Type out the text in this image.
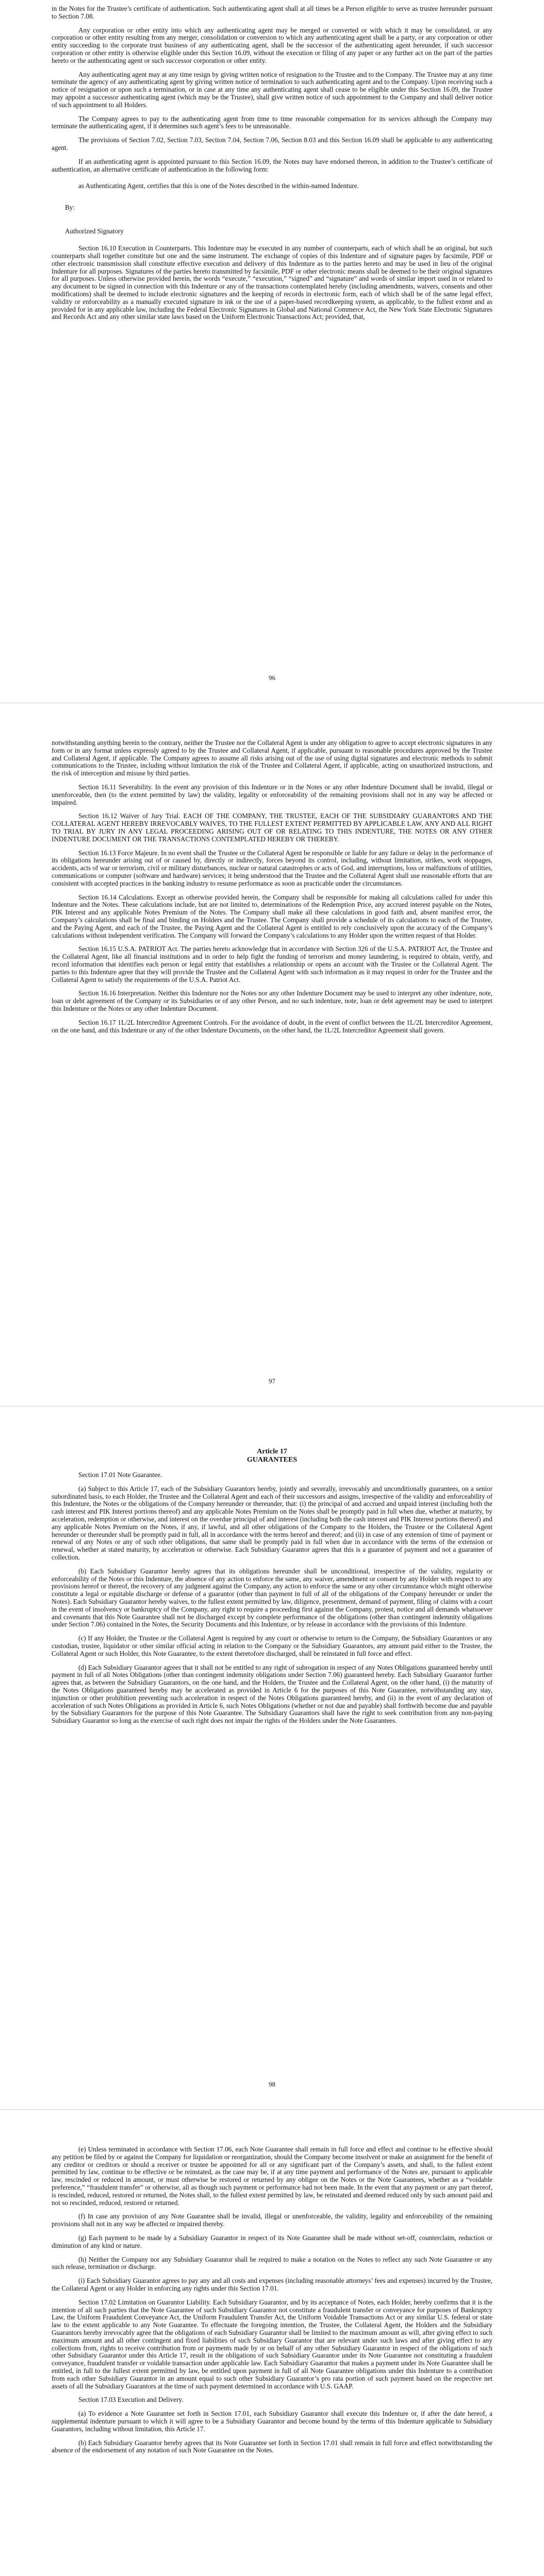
in the Notes for the Trustee’s certificate of authentication. Such authenticating agent shall at all times be a Person eligible to serve as trustee hereunder pursuant to Section 7.08.

Any corporation or other entity into which any authenticating agent may be merged or converted or with which it may be consolidated, or any corporation or other entity resulting from any merger, consolidation or conversion to which any authenticating agent shall be a party, or any corporation or other entity succeeding to the corporate trust business of any authenticating agent, shall be the successor of the authenticating agent hereunder, if such successor corporation or other entity is otherwise eligible under this Section 16.09, without the execution or filing of any paper or any further act on the part of the parties hereto or the authenticating agent or such successor corporation or other entity.

Any authenticating agent may at any time resign by giving written notice of resignation to the Trustee and to the Company. The Trustee may at any time terminate the agency of any authenticating agent by giving written notice of termination to such authenticating agent and to the Company. Upon receiving such a notice of resignation or upon such a termination, or in case at any time any authenticating agent shall cease to be eligible under this Section 16.09, the Trustee may appoint a successor authenticating agent (which may be the Trustee), shall give written notice of such appointment to the Company and shall deliver notice of such appointment to all Holders.

The Company agrees to pay to the authenticating agent from time to time reasonable compensation for its services although the Company may terminate the authenticating agent, if it determines such agent’s fees to be unreasonable.

The provisions of Section 7.02, Section 7.03, Section 7.04, Section 7.06, Section 8.03 and this Section 16.09 shall be applicable to any authenticating agent.

If an authenticating agent is appointed pursuant to this Section 16.09, the Notes may have endorsed thereon, in addition to the Trustee’s certificate of authentication, an alternative certificate of authentication in the following form:

as Authenticating Agent, certifies that this is one of the Notes described in the within-named Indenture.

By:

Authorized Signatory

Section 16.10 Execution in Counterparts. This Indenture may be executed in any number of counterparts, each of which shall be an original, but such counterparts shall together constitute but one and the same instrument. The exchange of copies of this Indenture and of signature pages by facsimile, PDF or other electronic transmission shall constitute effective execution and delivery of this Indenture as to the parties hereto and may be used in lieu of the original Indenture for all purposes. Signatures of the parties hereto transmitted by facsimile, PDF or other electronic means shall be deemed to be their original signatures for all purposes. Unless otherwise provided herein, the words “execute,” “execution,” “signed” and “signature” and words of similar import used in or related to any document to be signed in connection with this Indenture or any of the transactions contemplated hereby (including amendments, waivers, consents and other modifications) shall be deemed to include electronic signatures and the keeping of records in electronic form, each of which shall be of the same legal effect, validity or enforceability as a manually executed signature in ink or the use of a paper-based recordkeeping system, as applicable, to the fullest extent and as provided for in any applicable law, including the Federal Electronic Signatures in Global and National Commerce Act, the New York State Electronic Signatures and Records Act and any other similar state laws based on the Uniform Electronic Transactions Act; provided, that,

96

notwithstanding anything herein to the contrary, neither the Trustee nor the Collateral Agent is under any obligation to agree to accept electronic signatures in any form or in any format unless expressly agreed to by the Trustee and Collateral Agent, if applicable, pursuant to reasonable procedures approved by the Trustee and Collateral Agent, if applicable. The Company agrees to assume all risks arising out of the use of using digital signatures and electronic methods to submit communications to the Trustee, including without limitation the risk of the Trustee and Collateral Agent, if applicable, acting on unauthorized instructions, and the risk of interception and misuse by third parties.

Section 16.11 Severability. In the event any provision of this Indenture or in the Notes or any other Indenture Document shall be invalid, illegal or unenforceable, then (to the extent permitted by law) the validity, legality or enforceability of the remaining provisions shall not in any way be affected or impaired.

Section 16.12 Waiver of Jury Trial. EACH OF THE COMPANY, THE TRUSTEE, EACH OF THE SUBSIDIARY GUARANTORS AND THE COLLATERAL AGENT HEREBY IRREVOCABLY WAIVES, TO THE FULLEST EXTENT PERMITTED BY APPLICABLE LAW, ANY AND ALL RIGHT TO TRIAL BY JURY IN ANY LEGAL PROCEEDING ARISING OUT OF OR RELATING TO THIS INDENTURE, THE NOTES OR ANY OTHER INDENTURE DOCUMENT OR THE TRANSACTIONS CONTEMPLATED HEREBY OR THEREBY.

Section 16.13 Force Majeure. In no event shall the Trustee or the Collateral Agent be responsible or liable for any failure or delay in the performance of its obligations hereunder arising out of or caused by, directly or indirectly, forces beyond its control, including, without limitation, strikes, work stoppages, accidents, acts of war or terrorism, civil or military disturbances, nuclear or natural catastrophes or acts of God, and interruptions, loss or malfunctions of utilities, communications or computer (software and hardware) services; it being understood that the Trustee and the Collateral Agent shall use reasonable efforts that are consistent with accepted practices in the banking industry to resume performance as soon as practicable under the circumstances.

Section 16.14 Calculations. Except as otherwise provided herein, the Company shall be responsible for making all calculations called for under this Indenture and the Notes. These calculations include, but are not limited to, determinations of the Redemption Price, any accrued interest payable on the Notes, PIK Interest and any applicable Notes Premium of the Notes. The Company shall make all these calculations in good faith and, absent manifest error, the Company’s calculations shall be final and binding on Holders and the Trustee. The Company shall provide a schedule of its calculations to each of the Trustee, and the Paying Agent, and each of the Trustee, the Paying Agent and the Collateral Agent is entitled to rely conclusively upon the accuracy of the Company’s calculations without independent verification. The Company will forward the Company’s calculations to any Holder upon the written request of that Holder.

Section 16.15 U.S.A. PATRIOT Act. The parties hereto acknowledge that in accordance with Section 326 of the U.S.A. PATRIOT Act, the Trustee and the Collateral Agent, like all financial institutions and in order to help fight the funding of terrorism and money laundering, is required to obtain, verify, and record information that identifies each person or legal entity that establishes a relationship or opens an account with the Trustee or the Collateral Agent. The parties to this Indenture agree that they will provide the Trustee and the Collateral Agent with such information as it may request in order for the Trustee and the Collateral Agent to satisfy the requirements of the U.S.A. Patriot Act.

Section 16.16 Interpretation. Neither this Indenture nor the Notes nor any other Indenture Document may be used to interpret any other indenture, note, loan or debt agreement of the Company or its Subsidiaries or of any other Person, and no such indenture, note, loan or debt agreement may be used to interpret this Indenture or the Notes or any other Indenture Document.

Section 16.17 1L/2L Intercreditor Agreement Controls. For the avoidance of doubt, in the event of conflict between the 1L/2L Intercreditor Agreement, on the one hand, and this Indenture or any of the other Indenture Documents, on the other hand, the 1L/2L Intercreditor Agreement shall govern.

97

Article 17

GUARANTEES

Section 17.01 Note Guarantee.

(a) Subject to this Article 17, each of the Subsidiary Guarantors hereby, jointly and severally, irrevocably and unconditionally guarantees, on a senior subordinated basis, to each Holder, the Trustee and the Collateral Agent and each of their successors and assigns, irrespective of the validity and enforceability of this Indenture, the Notes or the obligations of the Company hereunder or thereunder, that: (i) the principal of and accrued and unpaid interest (including both the cash interest and PIK Interest portions thereof) and any applicable Notes Premium on the Notes shall be promptly paid in full when due, whether at maturity, by acceleration, redemption or otherwise, and interest on the overdue principal of and interest (including both the cash interest and PIK Interest portions thereof) and any applicable Notes Premium on the Notes, if any, if lawful, and all other obligations of the Company to the Holders, the Trustee or the Collateral Agent hereunder or thereunder shall be promptly paid in full, all in accordance with the terms hereof and thereof; and (ii) in case of any extension of time of payment or renewal of any Notes or any of such other obligations, that same shall be promptly paid in full when due in accordance with the terms of the extension or renewal, whether at stated maturity, by acceleration or otherwise. Each Subsidiary Guarantor agrees that this is a guarantee of payment and not a guarantee of collection.

(b) Each Subsidiary Guarantor hereby agrees that its obligations hereunder shall be unconditional, irrespective of the validity, regularity or enforceability of the Notes or this Indenture, the absence of any action to enforce the same, any waiver, amendment or consent by any Holder with respect to any provisions hereof or thereof, the recovery of any judgment against the Company, any action to enforce the same or any other circumstance which might otherwise constitute a legal or equitable discharge or defense of a guarantor (other than payment in full of all of the obligations of the Company hereunder or under the Notes). Each Subsidiary Guarantor hereby waives, to the fullest extent permitted by law, diligence, presentment, demand of payment, filing of claims with a court in the event of insolvency or bankruptcy of the Company, any right to require a proceeding first against the Company, protest, notice and all demands whatsoever and covenants that this Note Guarantee shall not be discharged except by complete performance of the obligations (other than contingent indemnity obligations under Section 7.06) contained in the Notes, the Security Documents and this Indenture, or by release in accordance with the provisions of this Indenture.

(c) If any Holder, the Trustee or the Collateral Agent is required by any court or otherwise to return to the Company, the Subsidiary Guarantors or any custodian, trustee, liquidator or other similar official acting in relation to the Company or the Subsidiary Guarantors, any amount paid either to the Trustee, the Collateral Agent or such Holder, this Note Guarantee, to the extent theretofore discharged, shall be reinstated in full force and effect.

(d) Each Subsidiary Guarantor agrees that it shall not be entitled to any right of subrogation in respect of any Notes Obligations guaranteed hereby until payment in full of all Notes Obligations (other than contingent indemnity obligations under Section 7.06) guaranteed hereby. Each Subsidiary Guarantor further agrees that, as between the Subsidiary Guarantors, on the one hand, and the Holders, the Trustee and the Collateral Agent, on the other hand, (i) the maturity of the Notes Obligations guaranteed hereby may be accelerated as provided in Article 6 for the purposes of this Note Guarantee, notwithstanding any stay, injunction or other prohibition preventing such acceleration in respect of the Notes Obligations guaranteed hereby, and (ii) in the event of any declaration of acceleration of such Notes Obligations as provided in Article 6, such Notes Obligations (whether or not due and payable) shall forthwith become due and payable by the Subsidiary Guarantors for the purpose of this Note Guarantee. The Subsidiary Guarantors shall have the right to seek contribution from any non-paying Subsidiary Guarantor so long as the exercise of such right does not impair the rights of the Holders under the Note Guarantees.

98

(e) Unless terminated in accordance with Section 17.06, each Note Guarantee shall remain in full force and effect and continue to be effective should any petition be filed by or against the Company for liquidation or reorganization, should the Company become insolvent or make an assignment for the benefit of any creditor or creditors or should a receiver or trustee be appointed for all or any significant part of the Company’s assets, and shall, to the fullest extent permitted by law, continue to be effective or be reinstated, as the case may be, if at any time payment and performance of the Notes are, pursuant to applicable law, rescinded or reduced in amount, or must otherwise be restored or returned by any obligee on the Notes or the Note Guarantees, whether as a “voidable preference,” “fraudulent transfer” or otherwise, all as though such payment or performance had not been made. In the event that any payment or any part thereof, is rescinded, reduced, restored or returned, the Notes shall, to the fullest extent permitted by law, be reinstated and deemed reduced only by such amount paid and not so rescinded, reduced, restored or returned.

(f) In case any provision of any Note Guarantee shall be invalid, illegal or unenforceable, the validity, legality and enforceability of the remaining provisions shall not in any way be affected or impaired thereby.

(g) Each payment to be made by a Subsidiary Guarantor in respect of its Note Guarantee shall be made without set-off, counterclaim, reduction or diminution of any kind or nature.

(h) Neither the Company nor any Subsidiary Guarantor shall be required to make a notation on the Notes to reflect any such Note Guarantee or any such release, termination or discharge.

(i) Each Subsidiary Guarantor agrees to pay any and all costs and expenses (including reasonable attorneys’ fees and expenses) incurred by the Trustee, the Collateral Agent or any Holder in enforcing any rights under this Section 17.01.

Section 17.02 Limitation on Guarantor Liability. Each Subsidiary Guarantor, and by its acceptance of Notes, each Holder, hereby confirms that it is the intention of all such parties that the Note Guarantee of such Subsidiary Guarantor not constitute a fraudulent transfer or conveyance for purposes of Bankruptcy Law, the Uniform Fraudulent Conveyance Act, the Uniform Fraudulent Transfer Act, the Uniform Voidable Transactions Act or any similar U.S. federal or state law to the extent applicable to any Note Guarantee. To effectuate the foregoing intention, the Trustee, the Collateral Agent, the Holders and the Subsidiary Guarantors hereby irrevocably agree that the obligations of each Subsidiary Guarantor shall be limited to the maximum amount as will, after giving effect to such maximum amount and all other contingent and fixed liabilities of such Subsidiary Guarantor that are relevant under such laws and after giving effect to any collections from, rights to receive contribution from or payments made by or on behalf of any other Subsidiary Guarantor in respect of the obligations of such other Subsidiary Guarantor under this Article 17, result in the obligations of such Subsidiary Guarantor under its Note Guarantee not constituting a fraudulent conveyance, fraudulent transfer or voidable transaction under applicable law. Each Subsidiary Guarantor that makes a payment under its Note Guarantee shall be entitled, in full to the fullest extent permitted by law, be entitled upon payment in full of all Note Guarantee obligations under this Indenture to a contribution from each other Subsidiary Guarantor in an amount equal to such other Subsidiary Guarantor’s pro rata portion of such payment based on the respective net assets of all the Subsidiary Guarantors at the time of such payment determined in accordance with U.S. GAAP.

Section 17.03 Execution and Delivery.

(a) To evidence a Note Guarantee set forth in Section 17.01, each Subsidiary Guarantor shall execute this Indenture or, if after the date hereof, a supplemental indenture pursuant to which it will agree to be a Subsidiary Guarantor and become bound by the terms of this Indenture applicable to Subsidiary Guarantors, including without limitation, this Article 17.

(b) Each Subsidiary Guarantor hereby agrees that its Note Guarantee set forth in Section 17.01 shall remain in full force and effect notwithstanding the absence of the endorsement of any notation of such Note Guarantee on the Notes.
